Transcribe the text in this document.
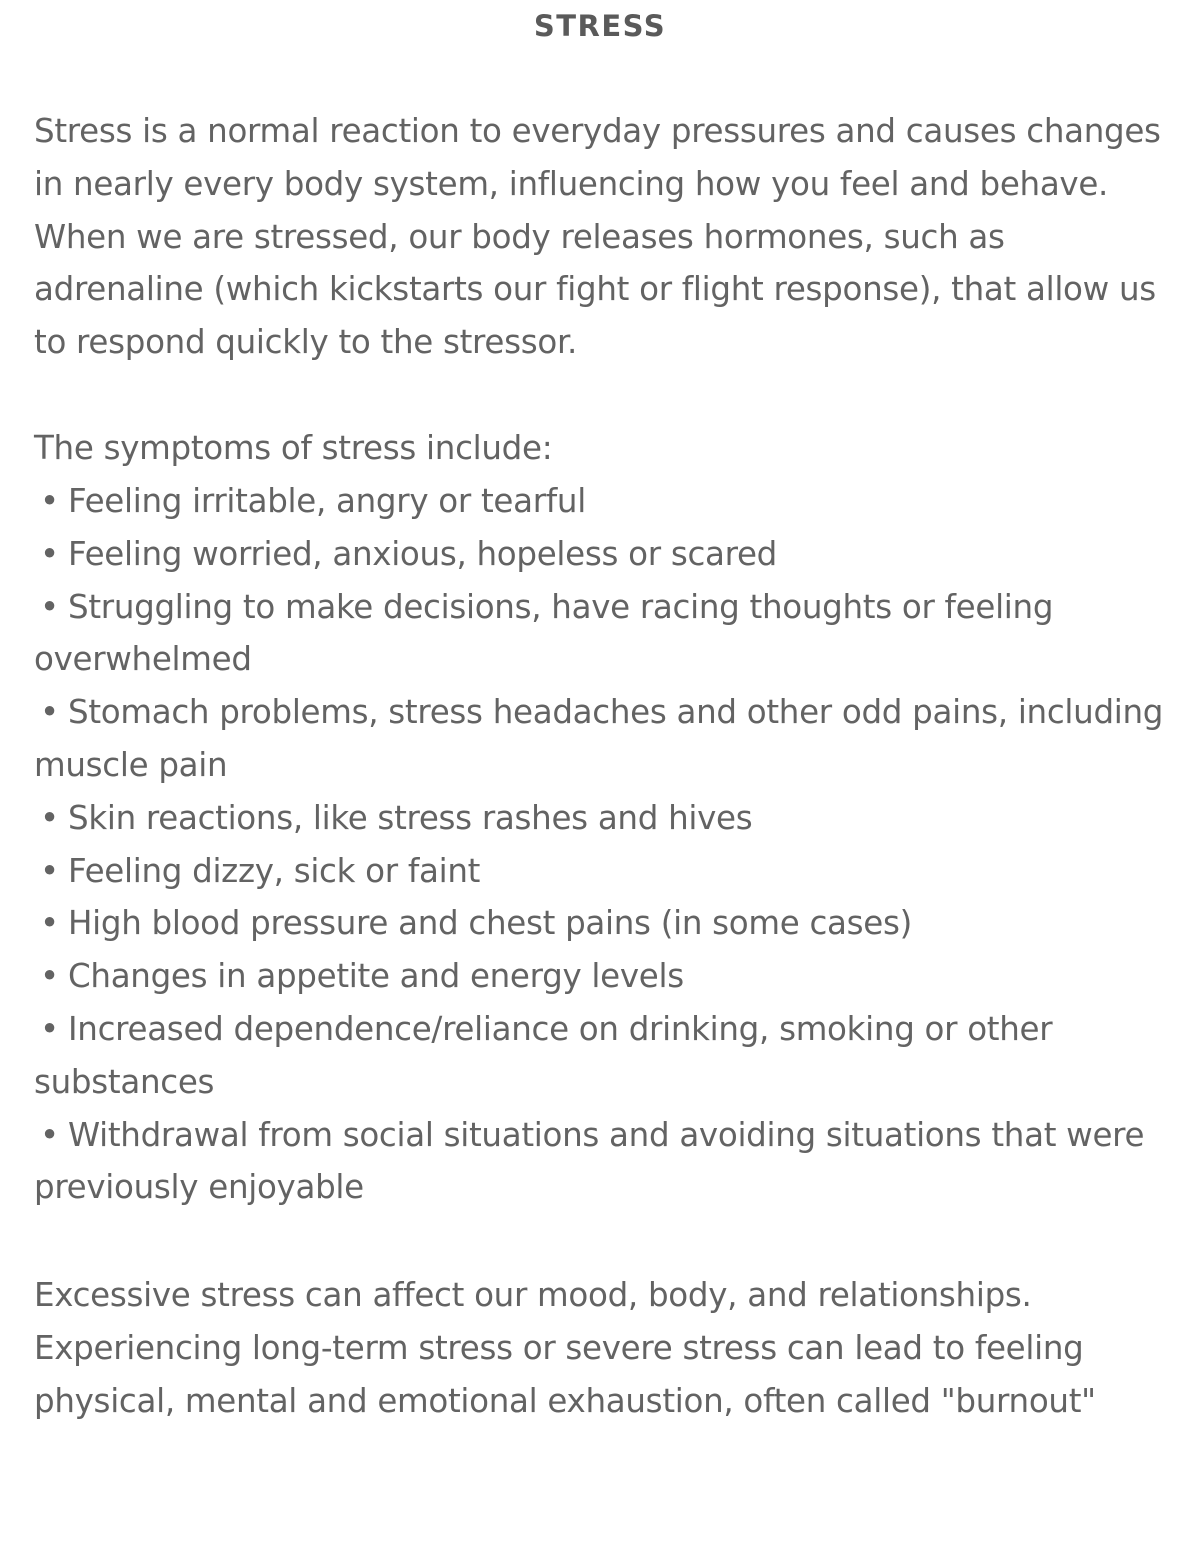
STRESS
Stress is a normal reaction to everyday pressures and causes changes in nearly every body system, influencing how you feel and behave. When we are stressed, our body releases hormones, such as adrenaline (which kickstarts our fight or flight response), that allow us to respond quickly to the stressor.
The symptoms of stress include:
• Feeling irritable, angry or tearful
• Feeling worried, anxious, hopeless or scared
• Struggling to make decisions, have racing thoughts or feeling overwhelmed
• Stomach problems, stress headaches and other odd pains, including muscle pain
• Skin reactions, like stress rashes and hives
• Feeling dizzy, sick or faint
• High blood pressure and chest pains (in some cases)
• Changes in appetite and energy levels
• Increased dependence/reliance on drinking, smoking or other substances
• Withdrawal from social situations and avoiding situations that were previously enjoyable
Excessive stress can affect our mood, body, and relationships. Experiencing long-term stress or severe stress can lead to feeling physical, mental and emotional exhaustion, often called "burnout"
